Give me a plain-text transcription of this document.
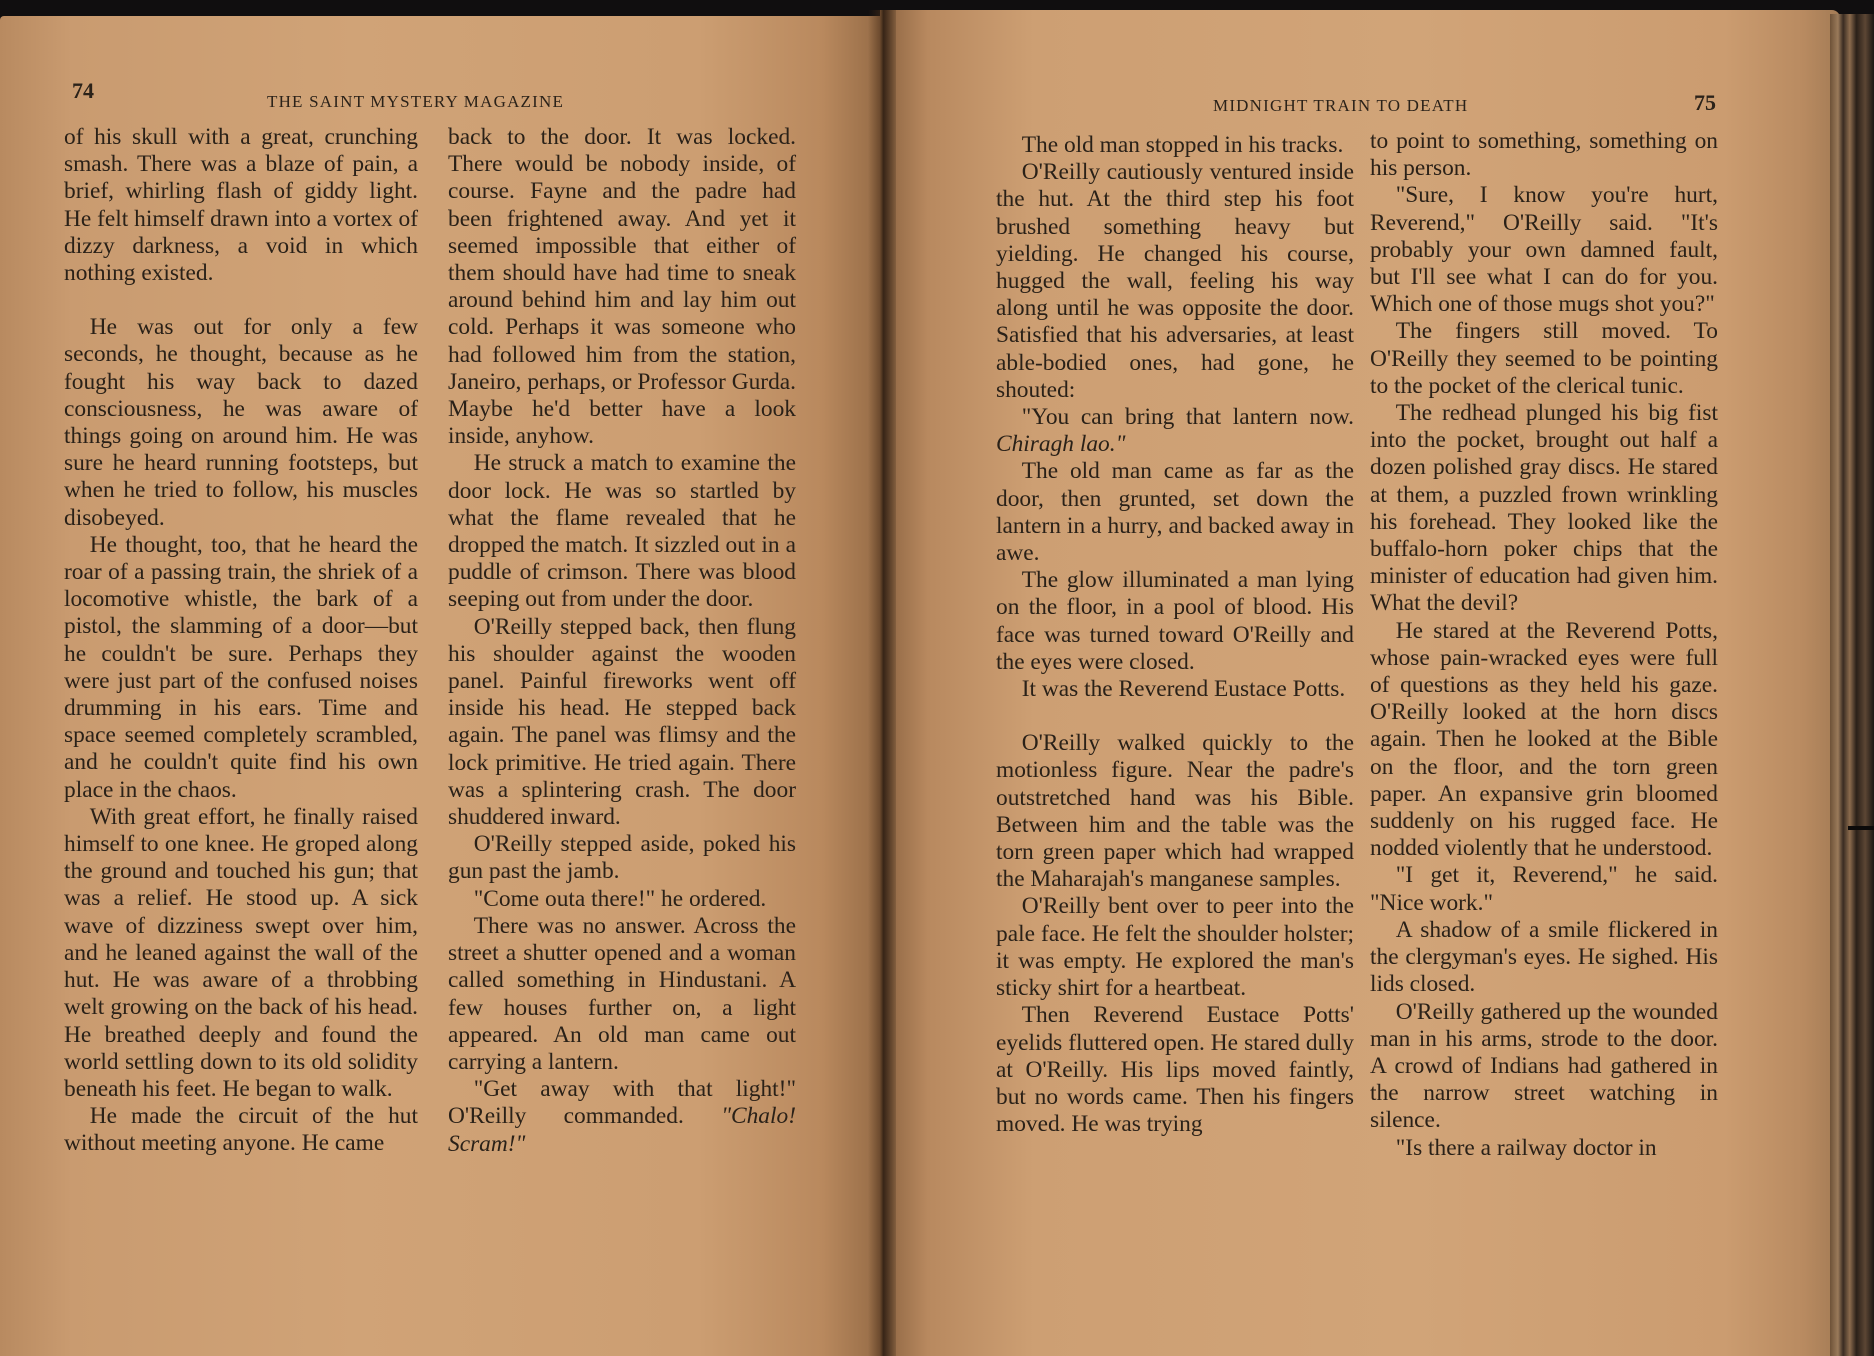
74	THE SAINT MYSTERY MAGAZINE

of his skull with a great, crunching smash. There was a blaze of pain, a brief, whirling flash of giddy light. He felt himself drawn into a vortex of dizzy darkness, a void in which nothing existed.

He was out for only a few seconds, he thought, because as he fought his way back to dazed consciousness, he was aware of things going on around him. He was sure he heard running footsteps, but when he tried to follow, his muscles disobeyed.

He thought, too, that he heard the roar of a passing train, the shriek of a locomotive whistle, the bark of a pistol, the slamming of a door—but he couldn't be sure. Perhaps they were just part of the confused noises drumming in his ears. Time and space seemed completely scrambled, and he couldn't quite find his own place in the chaos.

With great effort, he finally raised himself to one knee. He groped along the ground and touched his gun; that was a relief. He stood up. A sick wave of dizziness swept over him, and he leaned against the wall of the hut. He was aware of a throbbing welt growing on the back of his head. He breathed deeply and found the world settling down to its old solidity beneath his feet. He began to walk.

He made the circuit of the hut without meeting anyone. He came

back to the door. It was locked. There would be nobody inside, of course. Fayne and the padre had been frightened away. And yet it seemed impossible that either of them should have had time to sneak around behind him and lay him out cold. Perhaps it was someone who had followed him from the station, Janeiro, perhaps, or Professor Gurda. Maybe he'd better have a look inside, anyhow.

He struck a match to examine the door lock. He was so startled by what the flame revealed that he dropped the match. It sizzled out in a puddle of crimson. There was blood seeping out from under the door.

O'Reilly stepped back, then flung his shoulder against the wooden panel. Painful fireworks went off inside his head. He stepped back again. The panel was flimsy and the lock primitive. He tried again. There was a splintering crash. The door shuddered inward.

O'Reilly stepped aside, poked his gun past the jamb.

"Come outa there!" he ordered.

There was no answer. Across the street a shutter opened and a woman called something in Hindustani. A few houses further on, a light appeared. An old man came out carrying a lantern.

"Get away with that light!" O'Reilly commanded. "Chalo! Scram!"

MIDNIGHT TRAIN TO DEATH	75

The old man stopped in his tracks.

O'Reilly cautiously ventured inside the hut. At the third step his foot brushed something heavy but yielding. He changed his course, hugged the wall, feeling his way along until he was opposite the door. Satisfied that his adversaries, at least able-bodied ones, had gone, he shouted:

"You can bring that lantern now. Chiragh lao."

The old man came as far as the door, then grunted, set down the lantern in a hurry, and backed away in awe.

The glow illuminated a man lying on the floor, in a pool of blood. His face was turned toward O'Reilly and the eyes were closed.

It was the Reverend Eustace Potts.

O'Reilly walked quickly to the motionless figure. Near the padre's outstretched hand was his Bible. Between him and the table was the torn green paper which had wrapped the Maharajah's manganese samples.

O'Reilly bent over to peer into the pale face. He felt the shoulder holster; it was empty. He explored the man's sticky shirt for a heartbeat.

Then Reverend Eustace Potts' eyelids fluttered open. He stared dully at O'Reilly. His lips moved faintly, but no words came. Then his fingers moved. He was trying

to point to something, something on his person.

"Sure, I know you're hurt, Reverend," O'Reilly said. "It's probably your own damned fault, but I'll see what I can do for you. Which one of those mugs shot you?"

The fingers still moved. To O'Reilly they seemed to be pointing to the pocket of the clerical tunic.

The redhead plunged his big fist into the pocket, brought out half a dozen polished gray discs. He stared at them, a puzzled frown wrinkling his forehead. They looked like the buffalo-horn poker chips that the minister of education had given him. What the devil?

He stared at the Reverend Potts, whose pain-wracked eyes were full of questions as they held his gaze. O'Reilly looked at the horn discs again. Then he looked at the Bible on the floor, and the torn green paper. An expansive grin bloomed suddenly on his rugged face. He nodded violently that he understood.

"I get it, Reverend," he said. "Nice work."

A shadow of a smile flickered in the clergyman's eyes. He sighed. His lids closed.

O'Reilly gathered up the wounded man in his arms, strode to the door. A crowd of Indians had gathered in the narrow street watching in silence.

"Is there a railway doctor in
